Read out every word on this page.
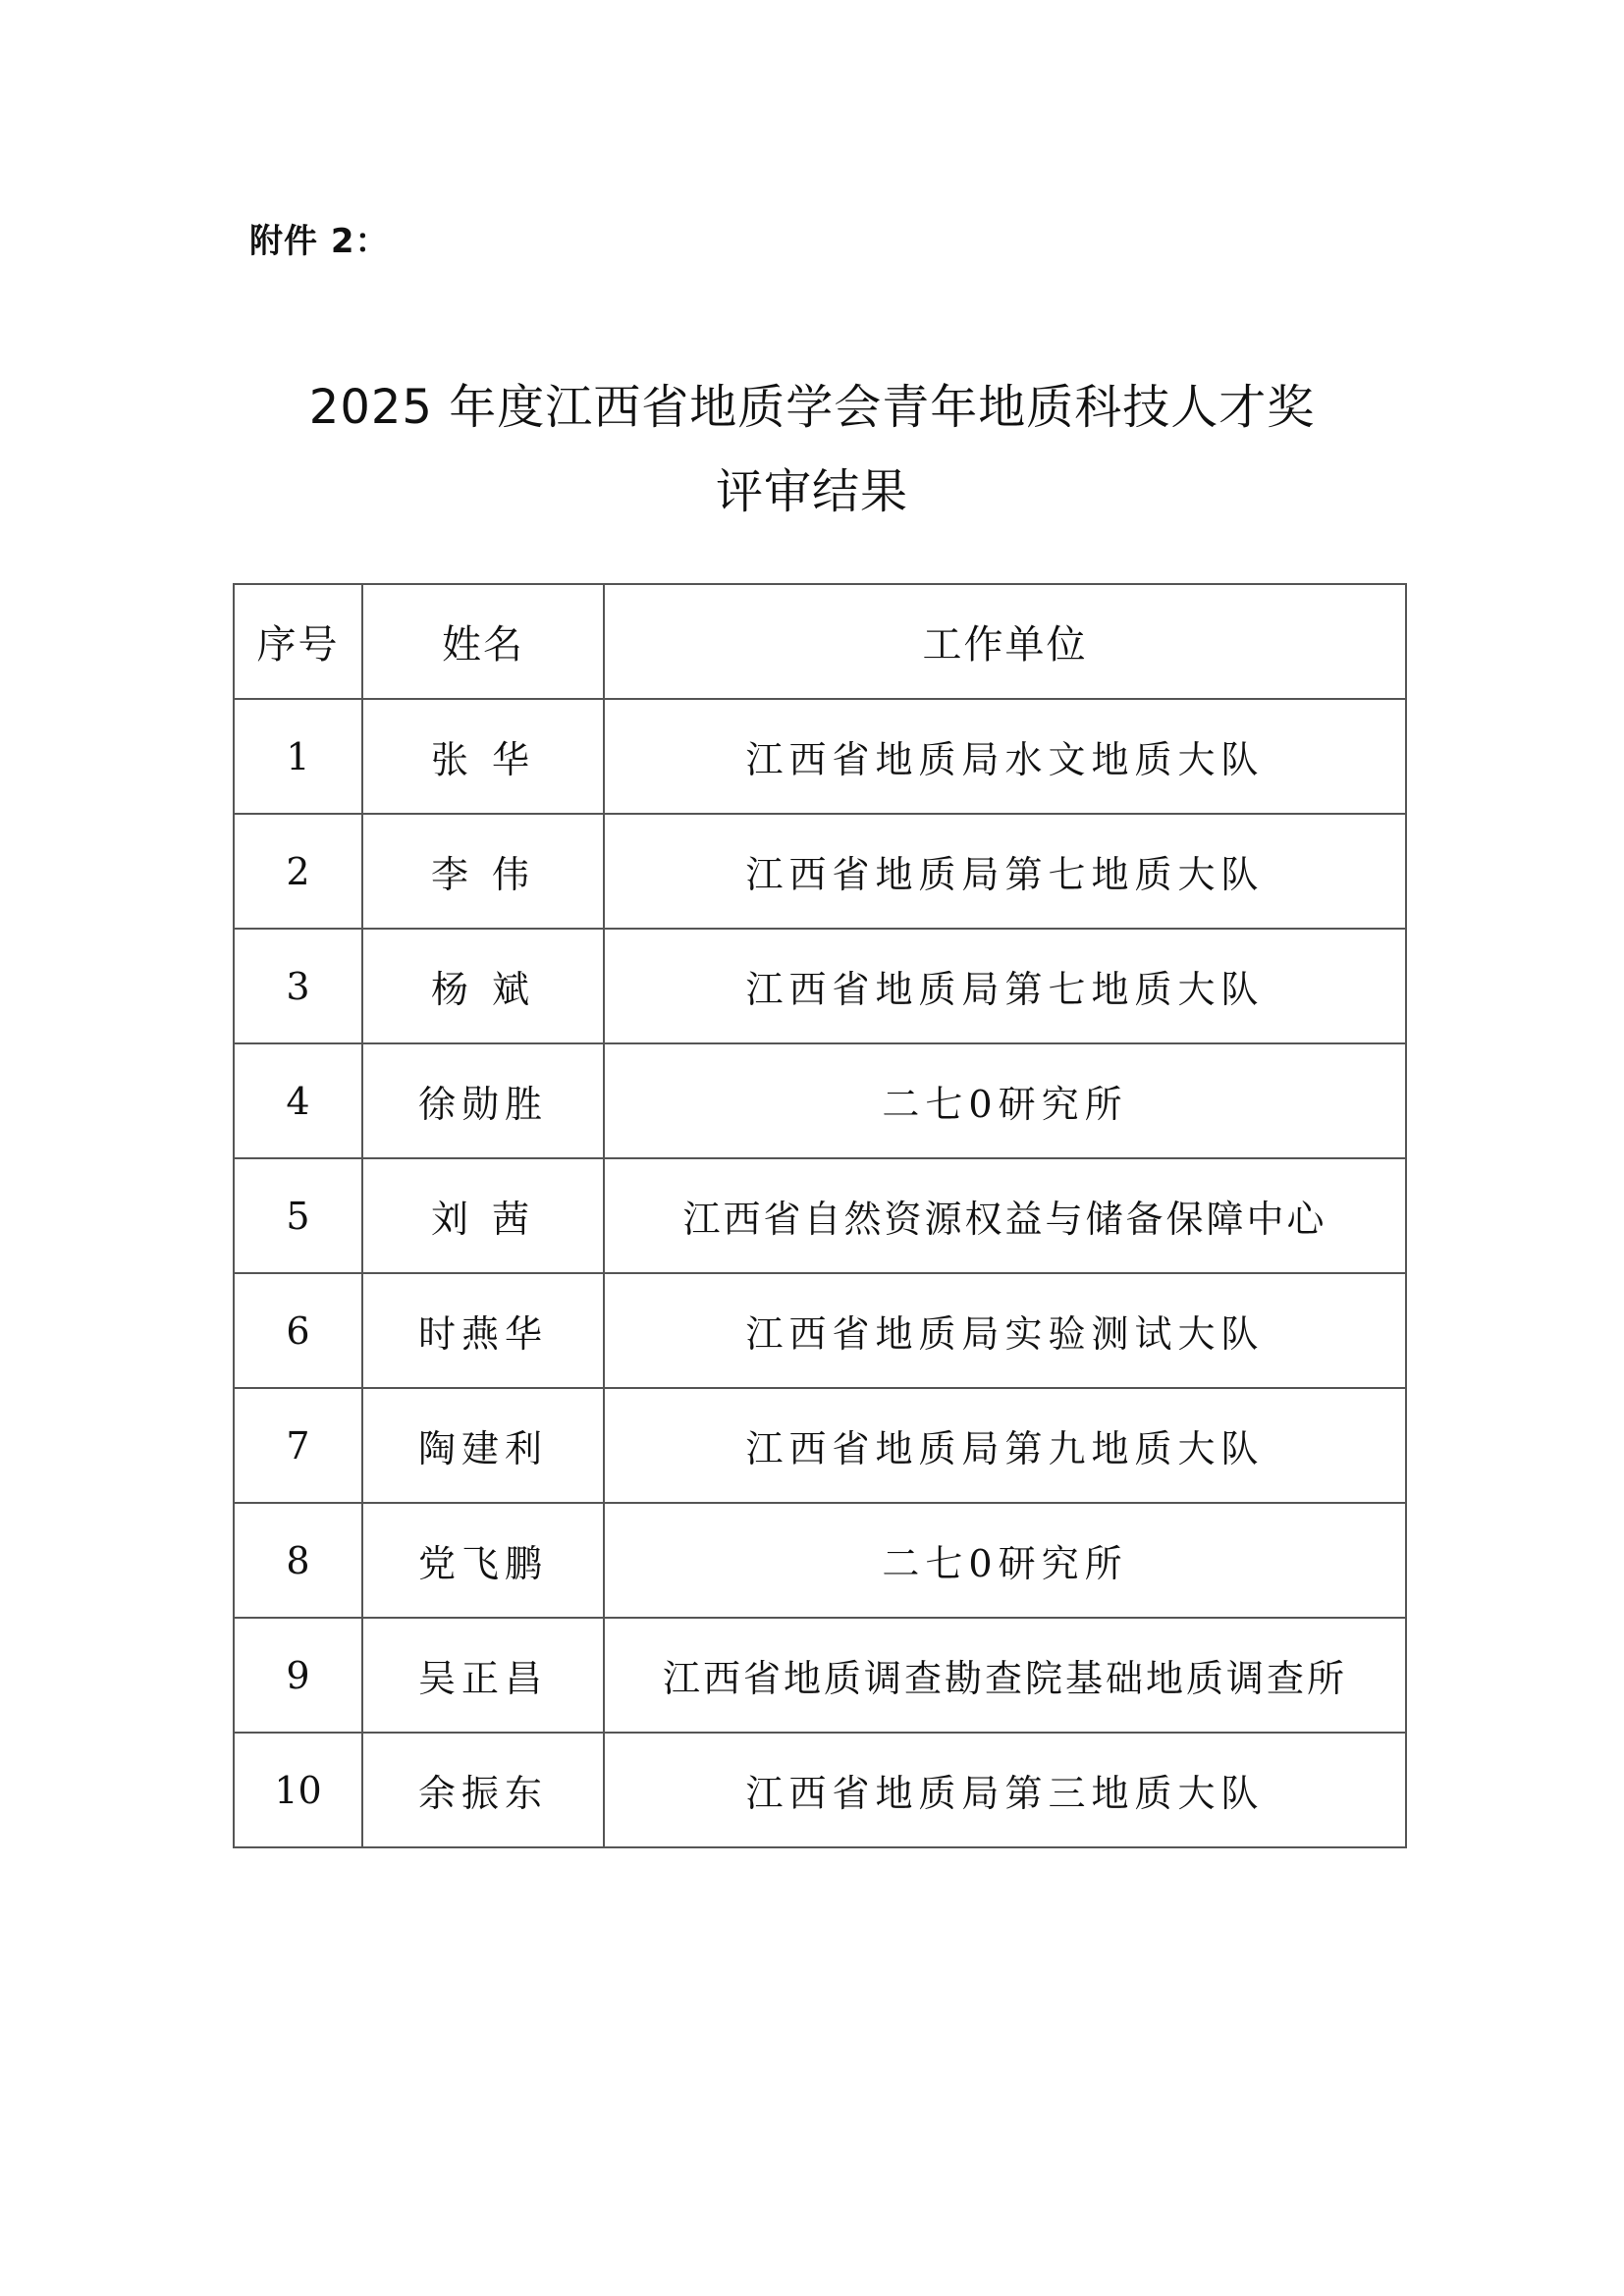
附件 2：
2025 年度江西省地质学会青年地质科技人才奖
评审结果
序号	姓名	工作单位
1	张 华	江西省地质局水文地质大队
2	李 伟	江西省地质局第七地质大队
3	杨 斌	江西省地质局第七地质大队
4	徐勋胜	二七0研究所
5	刘 茜	江西省自然资源权益与储备保障中心
6	时燕华	江西省地质局实验测试大队
7	陶建利	江西省地质局第九地质大队
8	党飞鹏	二七0研究所
9	吴正昌	江西省地质调查勘查院基础地质调查所
10	余振东	江西省地质局第三地质大队
